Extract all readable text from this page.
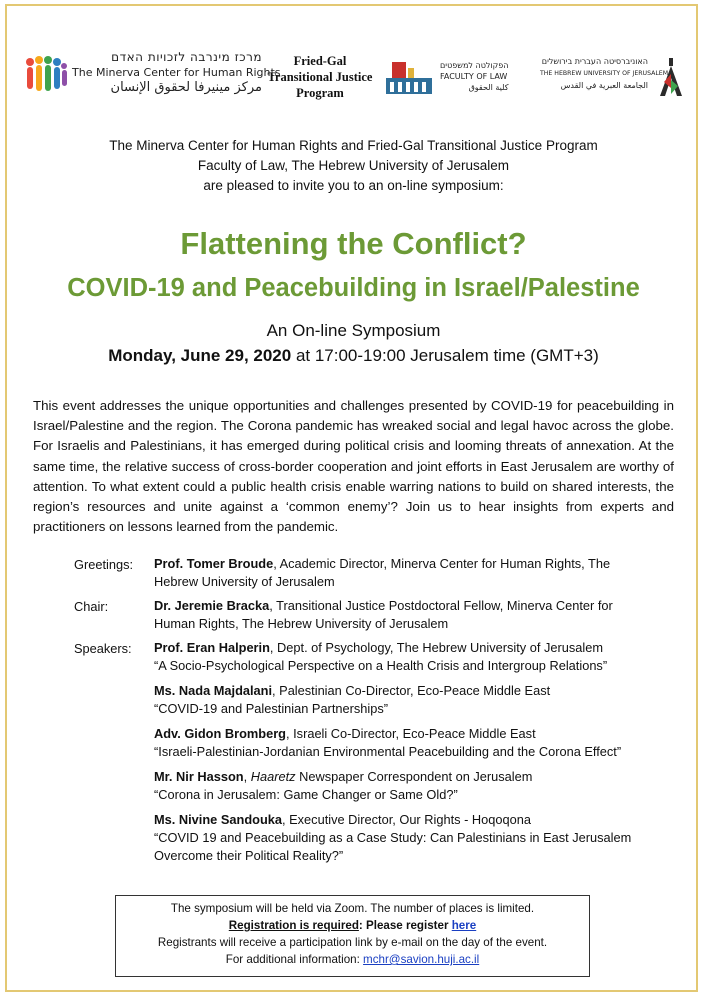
מרכז מינרבה לזכויות האדם
The Minerva Center for Human Rights
مركز مينيرفا لحقوق الإنسان
Fried-Gal
Transitional Justice
Program
הפקולטה למשפטים
FACULTY OF LAW
كلية الحقوق
האוניברסיטה העברית בירושלים
THE HEBREW UNIVERSITY OF JERUSALEM
الجامعة العبرية في القدس
The Minerva Center for Human Rights and Fried-Gal Transitional Justice Program
Faculty of Law, The Hebrew University of Jerusalem
are pleased to invite you to an on-line symposium:
Flattening the Conflict?
COVID-19 and Peacebuilding in Israel/Palestine
An On-line Symposium
Monday, June 29, 2020 at 17:00-19:00 Jerusalem time (GMT+3)
This event addresses the unique opportunities and challenges presented by COVID-19 for peacebuilding in Israel/Palestine and the region. The Corona pandemic has wreaked social and legal havoc across the globe. For Israelis and Palestinians, it has emerged during political crisis and looming threats of annexation. At the same time, the relative success of cross-border cooperation and joint efforts in East Jerusalem are worthy of attention. To what extent could a public health crisis enable warring nations to build on shared interests, the region’s resources and unite against a ‘common enemy’? Join us to hear insights from experts and practitioners on lessons learned from the pandemic.
Greetings: Prof. Tomer Broude, Academic Director, Minerva Center for Human Rights, The Hebrew University of Jerusalem
Chair:	Dr. Jeremie Bracka, Transitional Justice Postdoctoral Fellow, Minerva Center for Human Rights, The Hebrew University of Jerusalem
Speakers: Prof. Eran Halperin, Dept. of Psychology, The Hebrew University of Jerusalem
“A Socio-Psychological Perspective on a Health Crisis and Intergroup Relations”
Ms. Nada Majdalani, Palestinian Co-Director, Eco-Peace Middle East
“COVID-19 and Palestinian Partnerships”
Adv. Gidon Bromberg, Israeli Co-Director, Eco-Peace Middle East
“Israeli-Palestinian-Jordanian Environmental Peacebuilding and the Corona Effect”
Mr. Nir Hasson, Haaretz Newspaper Correspondent on Jerusalem
“Corona in Jerusalem: Game Changer or Same Old?”
Ms. Nivine Sandouka, Executive Director, Our Rights - Hoqoqona
“COVID 19 and Peacebuilding as a Case Study: Can Palestinians in East Jerusalem Overcome their Political Reality?”
The symposium will be held via Zoom. The number of places is limited.
Registration is required: Please register here
Registrants will receive a participation link by e-mail on the day of the event.
For additional information: mchr@savion.huji.ac.il
